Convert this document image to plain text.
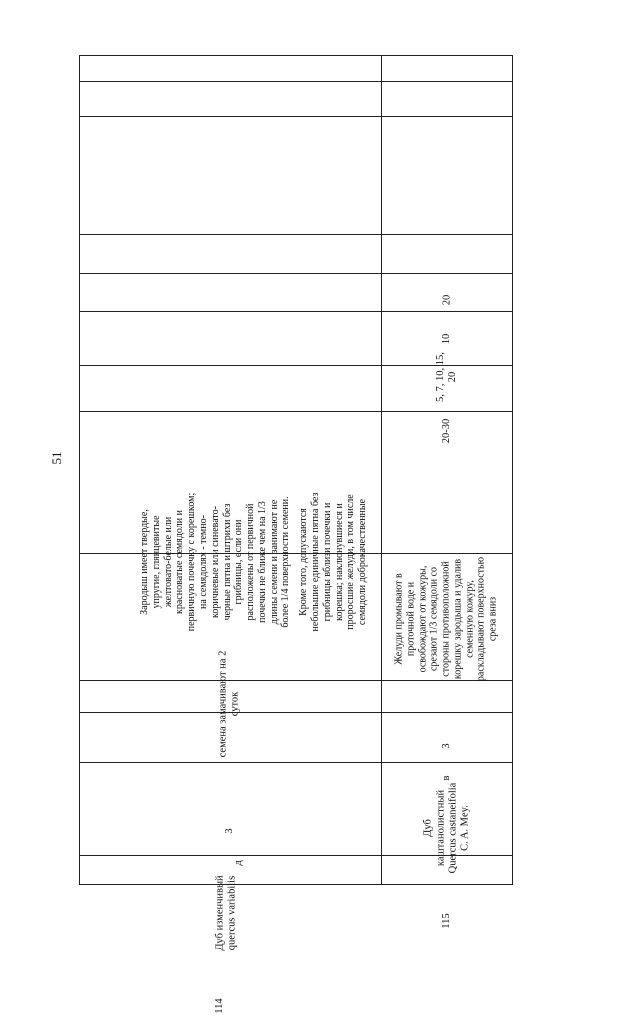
51
114
Дуб изменчивый quercus variabilis
д
3
семена замачивают на 2 суток
Зародыш имеет твердые, упругие, глянцевитые желтовато-белые или красноватые семядоли и первичную почечку с корешком; на семядолях - темно-коричневые или синевато-черные пятна и штрихи без грибницы, если они расположены от первичной почечки не ближе чем на 1/3 длины семени и занимают не более 1/4 поверхности семени. Кроме того, допускаются небольшие единичные пятна без грибницы вблизи почечки и корешка; наклюнувшиеся и проросшие желуди, в том числе семядоли доброкачественные
115
Дуб каштанолистный Quercus castaneifolia C. A. Mey.
в
3
Желуди промывают в проточной воде и освобождают от кожуры, срезают 1/3 семядоли со стороны противоположной корешку зародыша и удалив семенную кожуру, раскладывают поверхностью среза вниз
20-30
5, 7, 10, 15, 20
10
20
